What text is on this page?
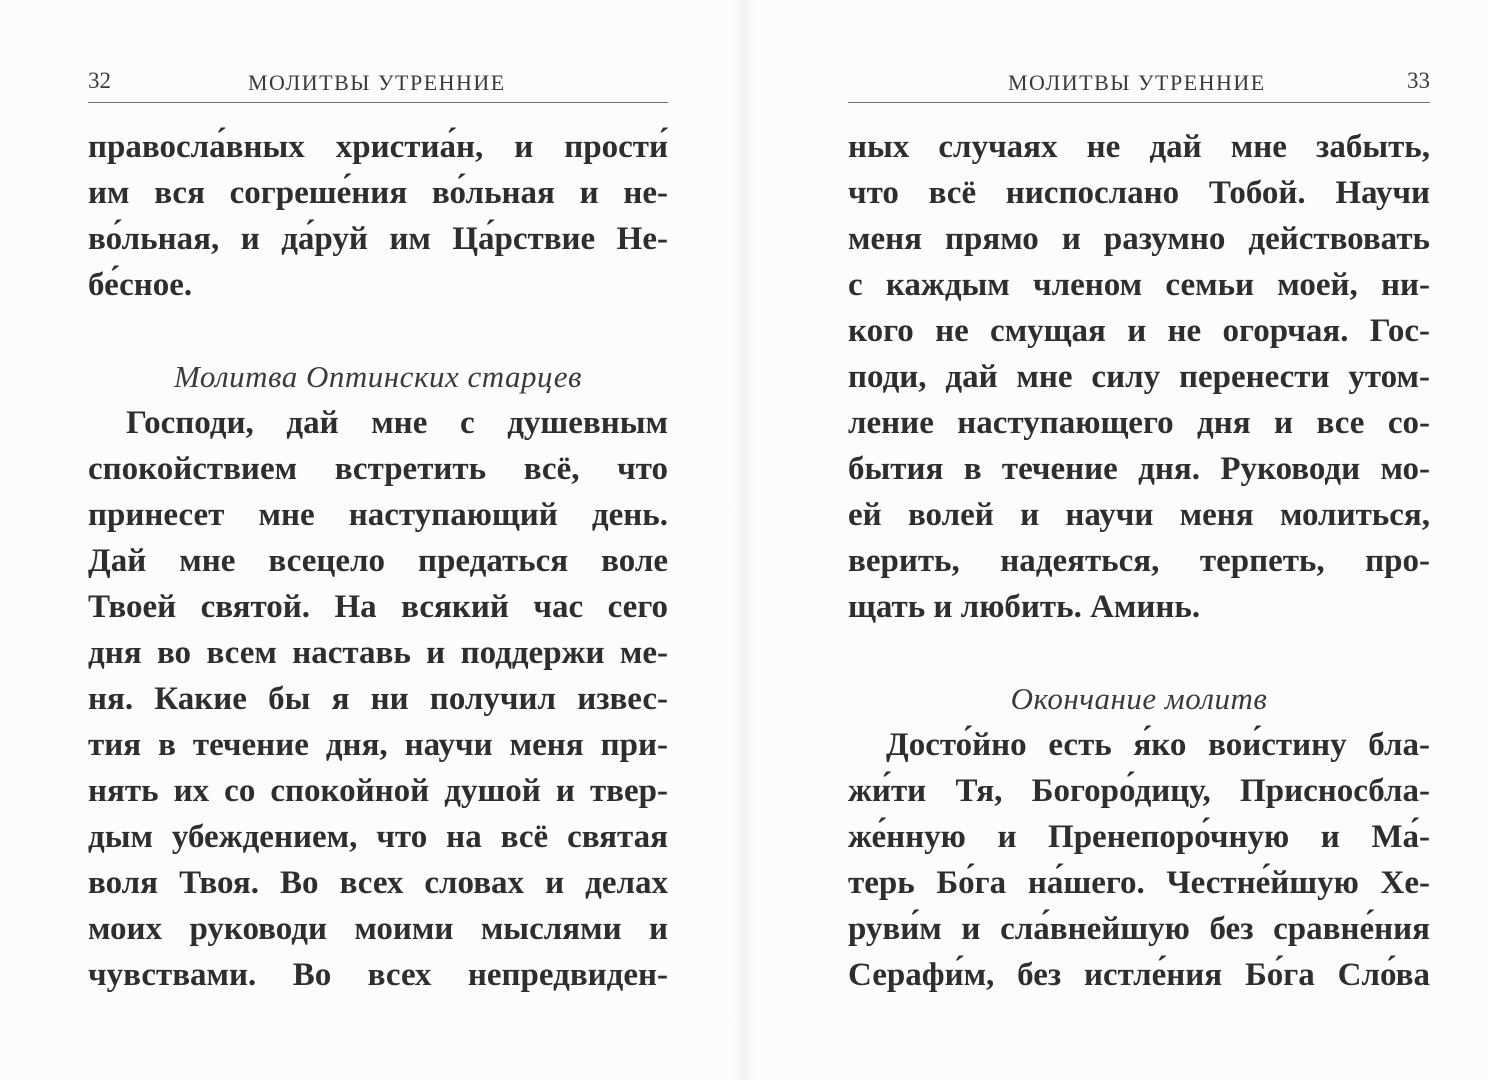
32	МОЛИТВЫ УТРЕННИЕ
правосла́вных христиа́н, и прости́
им вся согреше́ния во́льная и не-
во́льная, и да́руй им Ца́рствие Не-
бе́сное.
Молитва Оптинских старцев
Господи, дай мне с душевным
спокойствием встретить всё, что
принесет мне наступающий день.
Дай мне всецело предаться воле
Твоей святой. На всякий час сего
дня во всем наставь и поддержи ме-
ня. Какие бы я ни получил извес-
тия в течение дня, научи меня при-
нять их со спокойной душой и твер-
дым убеждением, что на всё святая
воля Твоя. Во всех словах и делах
моих руководи моими мыслями и
чувствами. Во всех непредвиден-
МОЛИТВЫ УТРЕННИЕ	33
ных случаях не дай мне забыть,
что всё ниспослано Тобой. Научи
меня прямо и разумно действовать
с каждым членом семьи моей, ни-
кого не смущая и не огорчая. Гос-
поди, дай мне силу перенести утом-
ление наступающего дня и все со-
бытия в течение дня. Руководи мо-
ей волей и научи меня молиться,
верить, надеяться, терпеть, про-
щать и любить. Аминь.
Окончание молитв
Досто́йно есть я́ко вои́стину бла-
жи́ти Тя, Богоро́дицу, Присносбла-
же́нную и Пренепоро́чную и Ма́-
терь Бо́га на́шего. Честне́йшую Хе-
руви́м и сла́внейшую без сравне́ния
Серафи́м, без истле́ния Бо́га Сло́ва
